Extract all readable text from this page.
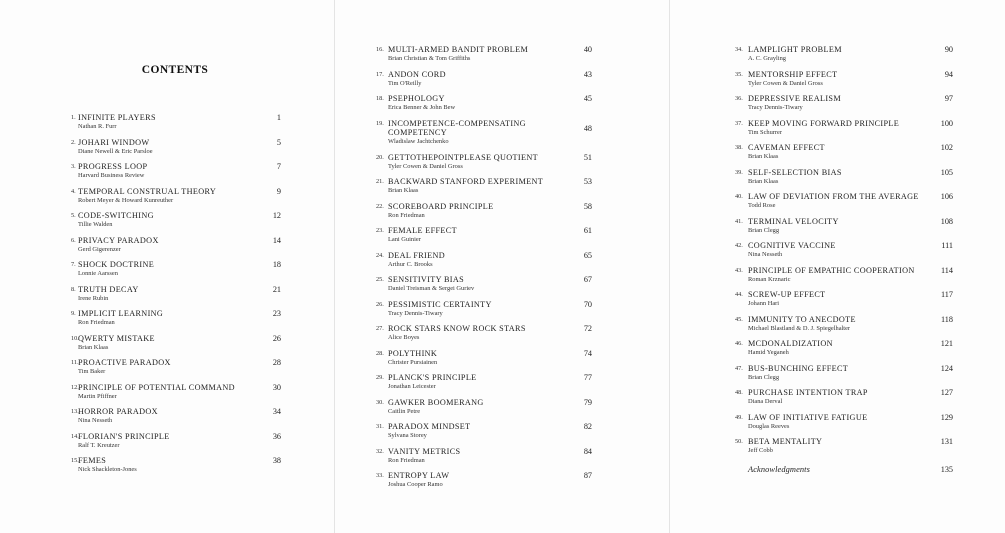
CONTENTS
1. INFINITE PLAYERS
Nathan R. Furr
1
2. JOHARI WINDOW
Diane Newell & Eric Parsloe
5
3. PROGRESS LOOP
Harvard Business Review
7
4. TEMPORAL CONSTRUAL THEORY
Robert Meyer & Howard Kunreuther
9
5. CODE-SWITCHING
Tillie Walden
12
6. PRIVACY PARADOX
Gerd Gigerenzer
14
7. SHOCK DOCTRINE
Lonnie Aarssen
18
8. TRUTH DECAY
Irene Rubin
21
9. IMPLICIT LEARNING
Ron Friedman
23
10. QWERTY MISTAKE
Brian Klaas
26
11. PROACTIVE PARADOX
Tim Baker
28
12. PRINCIPLE OF POTENTIAL COMMAND
Martin Pfiffner
30
13. HORROR PARADOX
Nina Nesseth
34
14. FLORIAN'S PRINCIPLE
Ralf T. Kreutzer
36
15. FEMES
Nick Shackleton-Jones
38
16. MULTI-ARMED BANDIT PROBLEM
Brian Christian & Tom Griffiths
40
17. ANDON CORD
Tim O'Reilly
43
18. PSEPHOLOGY
Erica Benner & John Bew
45
19. INCOMPETENCE-COMPENSATING
COMPETENCY
Wladislaw Jachtchenko
48
20. GETTOTHEPOINTPLEASE QUOTIENT
Tyler Cowen & Daniel Gross
51
21. BACKWARD STANFORD EXPERIMENT
Brian Klaas
53
22. SCOREBOARD PRINCIPLE
Ron Friedman
58
23. FEMALE EFFECT
Lani Guinier
61
24. DEAL FRIEND
Arthur C. Brooks
65
25. SENSITIVITY BIAS
Daniel Treisman & Sergei Guriev
67
26. PESSIMISTIC CERTAINTY
Tracy Dennis-Tiwary
70
27. ROCK STARS KNOW ROCK STARS
Alice Boyes
72
28. POLYTHINK
Christer Pursiainen
74
29. PLANCK'S PRINCIPLE
Jonathan Leicester
77
30. GAWKER BOOMERANG
Caitlin Petre
79
31. PARADOX MINDSET
Sylvana Storey
82
32. VANITY METRICS
Ron Friedman
84
33. ENTROPY LAW
Joshua Cooper Ramo
87
34. LAMPLIGHT PROBLEM
A. C. Grayling
90
35. MENTORSHIP EFFECT
Tyler Cowen & Daniel Gross
94
36. DEPRESSIVE REALISM
Tracy Dennis-Tiwary
97
37. KEEP MOVING FORWARD PRINCIPLE
Tim Schurrer
100
38. CAVEMAN EFFECT
Brian Klaas
102
39. SELF-SELECTION BIAS
Brian Klaas
105
40. LAW OF DEVIATION FROM THE AVERAGE
Todd Rose
106
41. TERMINAL VELOCITY
Brian Clegg
108
42. COGNITIVE VACCINE
Nina Nesseth
111
43. PRINCIPLE OF EMPATHIC COOPERATION
Roman Krznaric
114
44. SCREW-UP EFFECT
Johann Hari
117
45. IMMUNITY TO ANECDOTE
Michael Blastland & D. J. Spiegelhalter
118
46. MCDONALDIZATION
Hamid Yeganeh
121
47. BUS-BUNCHING EFFECT
Brian Clegg
124
48. PURCHASE INTENTION TRAP
Diana Derval
127
49. LAW OF INITIATIVE FATIGUE
Douglas Reeves
129
50. BETA MENTALITY
Jeff Cobb
131
Acknowledgments	135
